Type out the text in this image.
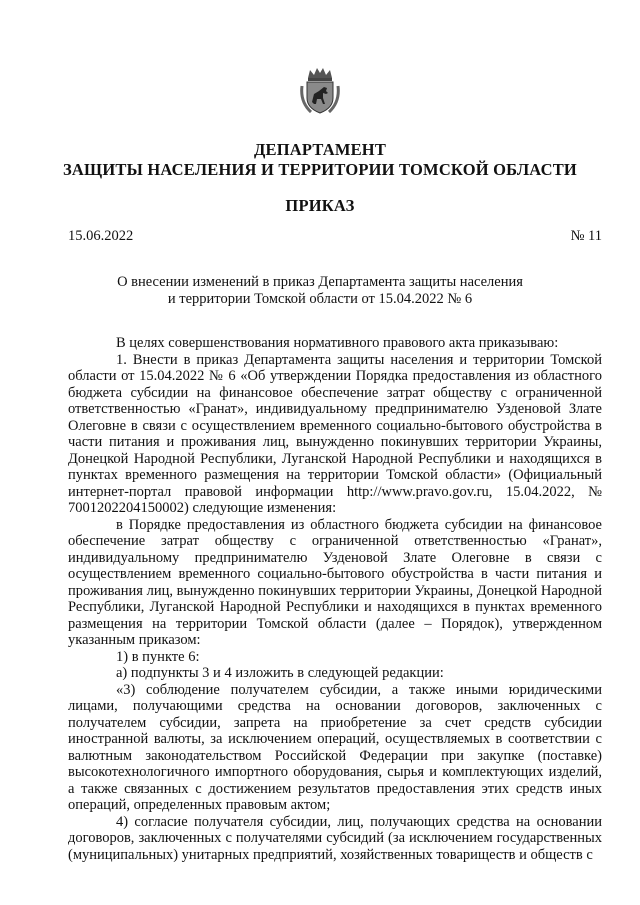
ДЕПАРТАМЕНТ
ЗАЩИТЫ НАСЕЛЕНИЯ И ТЕРРИТОРИИ ТОМСКОЙ ОБЛАСТИ
ПРИКАЗ
15.06.2022	№ 11
О внесении изменений в приказ Департамента защиты населения
и территории Томской области от 15.04.2022 № 6

В целях совершенствования нормативного правового акта приказываю:

1. Внести в приказ Департамента защиты населения и территории Томской области от 15.04.2022 № 6 «Об утверждении Порядка предоставления из областного бюджета субсидии на финансовое обеспечение затрат обществу с ограниченной ответственностью «Гранат», индивидуальному предпринимателю Узденовой Злате Олеговне в связи с осуществлением временного социально-бытового обустройства в части питания и проживания лиц, вынужденно покинувших территории Украины, Донецкой Народной Республики, Луганской Народной Республики и находящихся в пунктах временного размещения на территории Томской области» (Официальный интернет-портал правовой информации http://www.pravo.gov.ru, 15.04.2022, № 7001202204150002) следующие изменения:

в Порядке предоставления из областного бюджета субсидии на финансовое обеспечение затрат обществу с ограниченной ответственностью «Гранат», индивидуальному предпринимателю Узденовой Злате Олеговне в связи с осуществлением временного социально-бытового обустройства в части питания и проживания лиц, вынужденно покинувших территории Украины, Донецкой Народной Республики, Луганской Народной Республики и находящихся в пунктах временного размещения на территории Томской области (далее – Порядок), утвержденном указанным приказом:

1) в пункте 6:

а) подпункты 3 и 4 изложить в следующей редакции:

«3) соблюдение получателем субсидии, а также иными юридическими лицами, получающими средства на основании договоров, заключенных с получателем субсидии, запрета на приобретение за счет средств субсидии иностранной валюты, за исключением операций, осуществляемых в соответствии с валютным законодательством Российской Федерации при закупке (поставке) высокотехнологичного импортного оборудования, сырья и комплектующих изделий, а также связанных с достижением результатов предоставления этих средств иных операций, определенных правовым актом;

4) согласие получателя субсидии, лиц, получающих средства на основании договоров, заключенных с получателями субсидий (за исключением государственных (муниципальных) унитарных предприятий, хозяйственных товариществ и обществ с
